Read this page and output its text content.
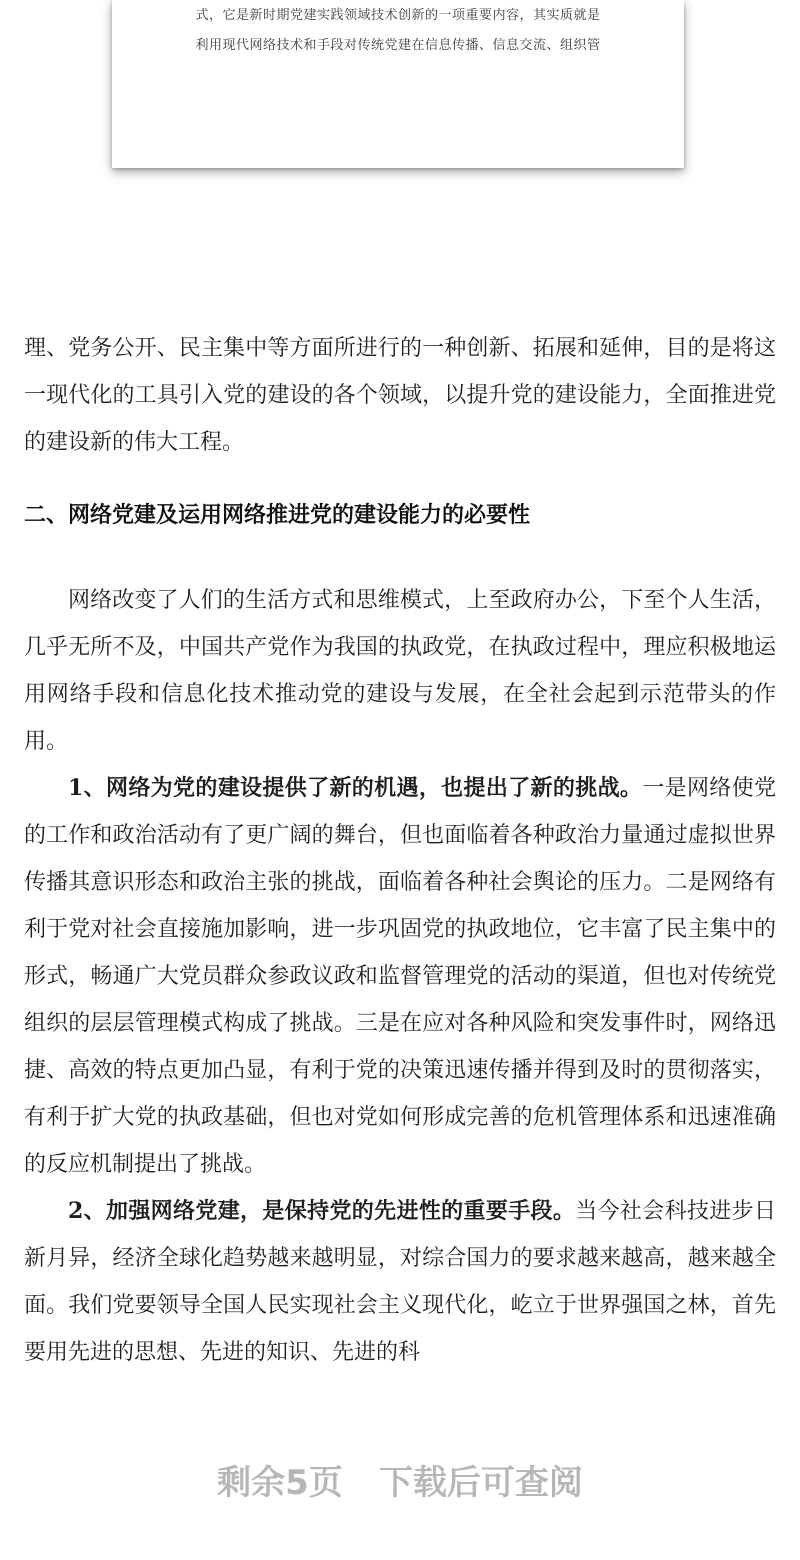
式，它是新时期党建实践领域技术创新的一项重要内容，其实质就是
利用现代网络技术和手段对传统党建在信息传播、信息交流、组织管
理、党务公开、民主集中等方面所进行的一种创新、拓展和延伸，目的是将这一现代化的工具引入党的建设的各个领域，以提升党的建设能力，全面推进党的建设新的伟大工程。
二、网络党建及运用网络推进党的建设能力的必要性

网络改变了人们的生活方式和思维模式，上至政府办公，下至个人生活，几乎无所不及，中国共产党作为我国的执政党，在执政过程中，理应积极地运用网络手段和信息化技术推动党的建设与发展，在全社会起到示范带头的作用。

1、网络为党的建设提供了新的机遇，也提出了新的挑战。一是网络使党的工作和政治活动有了更广阔的舞台，但也面临着各种政治力量通过虚拟世界传播其意识形态和政治主张的挑战，面临着各种社会舆论的压力。二是网络有利于党对社会直接施加影响，进一步巩固党的执政地位，它丰富了民主集中的形式，畅通广大党员群众参政议政和监督管理党的活动的渠道，但也对传统党组织的层层管理模式构成了挑战。三是在应对各种风险和突发事件时，网络迅捷、高效的特点更加凸显，有利于党的决策迅速传播并得到及时的贯彻落实，有利于扩大党的执政基础，但也对党如何形成完善的危机管理体系和迅速准确的反应机制提出了挑战。

2、加强网络党建，是保持党的先进性的重要手段。当今社会科技进步日新月异，经济全球化趋势越来越明显，对综合国力的要求越来越高，越来越全面。我们党要领导全国人民实现社会主义现代化，屹立于世界强国之林，首先要用先进的思想、先进的知识、先进的科

剩余5页 下载后可查阅
